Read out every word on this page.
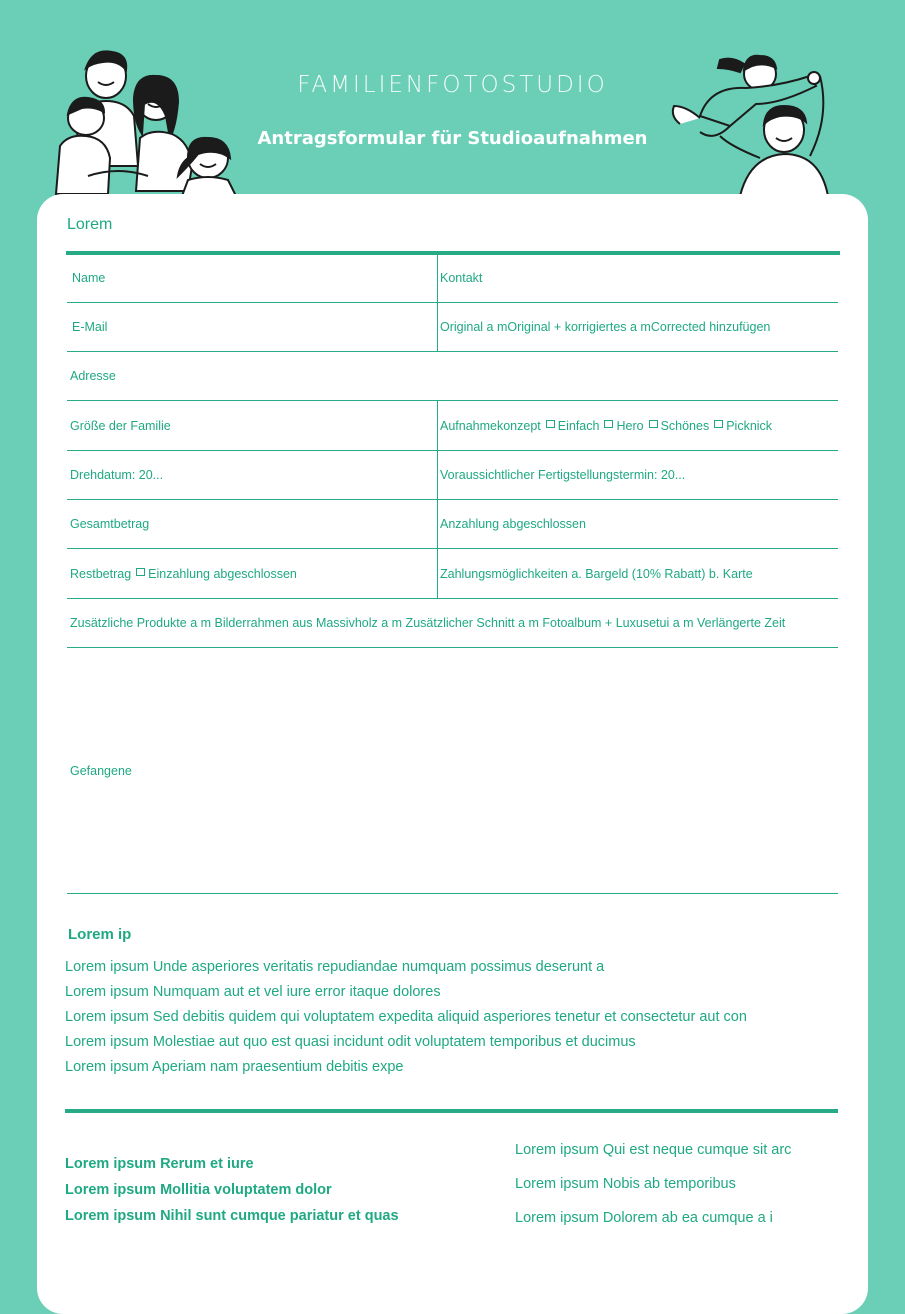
FAMILIENFOTOSTUDIO
Antragsformular für Studioaufnahmen
Lorem
Name	Kontakt
E-Mail	Original a mOriginal + korrigiertes a mCorrected hinzufügen
Adresse
Größe der Familie	Aufnahmekonzept Einfach Hero Schönes Picknick
Drehdatum: 20...	Voraussichtlicher Fertigstellungstermin: 20...
Gesamtbetrag	Anzahlung abgeschlossen
Restbetrag Einzahlung abgeschlossen	Zahlungsmöglichkeiten a. Bargeld (10% Rabatt) b. Karte
Zusätzliche Produkte a m Bilderrahmen aus Massivholz a m Zusätzlicher Schnitt a m Fotoalbum + Luxusetui a m Verlängerte Zeit
Gefangene
Lorem ip
Lorem ipsum Unde asperiores veritatis repudiandae numquam possimus deserunt a
Lorem ipsum Numquam aut et vel iure error itaque dolores
Lorem ipsum Sed debitis quidem qui voluptatem expedita aliquid asperiores tenetur et consectetur aut con
Lorem ipsum Molestiae aut quo est quasi incidunt odit voluptatem temporibus et ducimus
Lorem ipsum Aperiam nam praesentium debitis expe
Lorem ipsum Rerum et iure
Lorem ipsum Mollitia voluptatem dolor
Lorem ipsum Nihil sunt cumque pariatur et quas
Lorem ipsum Qui est neque cumque sit arc
Lorem ipsum Nobis ab temporibus
Lorem ipsum Dolorem ab ea cumque a i
